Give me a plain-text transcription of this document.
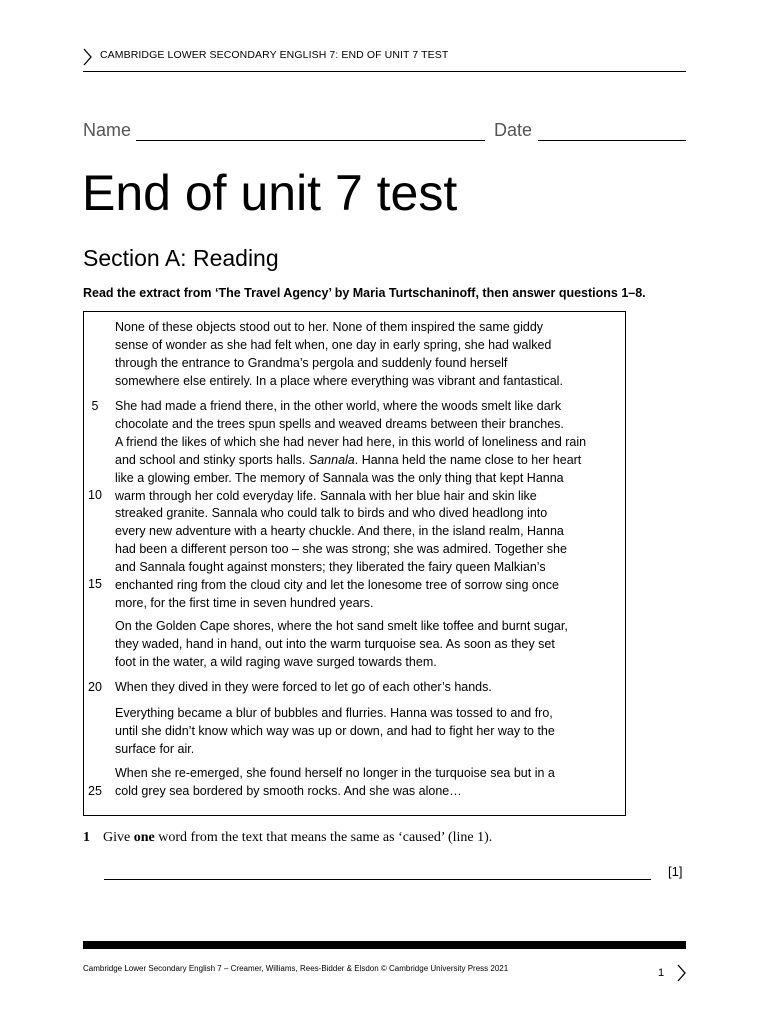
CAMBRIDGE LOWER SECONDARY ENGLISH 7: END OF UNIT 7 TEST
Name	Date
End of unit 7 test
Section A: Reading
Read the extract from ‘The Travel Agency’ by Maria Turtschaninoff, then answer questions 1–8.

None of these objects stood out to her. None of them inspired the same giddy

sense of wonder as she had felt when, one day in early spring, she had walked

through the entrance to Grandma’s pergola and suddenly found herself

somewhere else entirely. In a place where everything was vibrant and fantastical.

She had made a friend there, in the other world, where the woods smelt like dark

chocolate and the trees spun spells and weaved dreams between their branches.

A friend the likes of which she had never had here, in this world of loneliness and rain

and school and stinky sports halls. Sannala. Hanna held the name close to her heart

like a glowing ember. The memory of Sannala was the only thing that kept Hanna

warm through her cold everyday life. Sannala with her blue hair and skin like

streaked granite. Sannala who could talk to birds and who dived headlong into

every new adventure with a hearty chuckle. And there, in the island realm, Hanna

had been a different person too – she was strong; she was admired. Together she

and Sannala fought against monsters; they liberated the fairy queen Malkian’s

enchanted ring from the cloud city and let the lonesome tree of sorrow sing once

more, for the first time in seven hundred years.

On the Golden Cape shores, where the hot sand smelt like toffee and burnt sugar,

they waded, hand in hand, out into the warm turquoise sea. As soon as they set

foot in the water, a wild raging wave surged towards them.

When they dived in they were forced to let go of each other’s hands.

Everything became a blur of bubbles and flurries. Hanna was tossed to and fro,

until she didn’t know which way was up or down, and had to fight her way to the

surface for air.

When she re-emerged, she found herself no longer in the turquoise sea but in a

cold grey sea bordered by smooth rocks. And she was alone…

5
10
15
20
25
1 Give one word from the text that means the same as ‘caused’ (line 1).
[1]
Cambridge Lower Secondary English 7 – Creamer, Williams, Rees-Bidder & Elsdon © Cambridge University Press 2021	1
